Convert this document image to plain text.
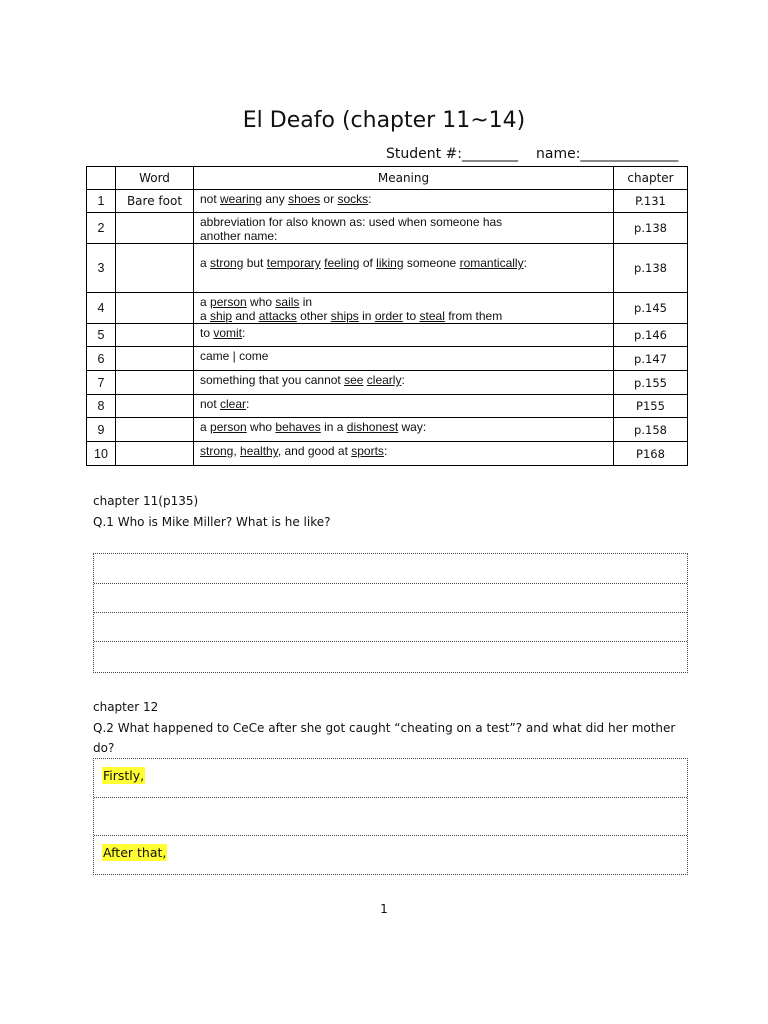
El Deafo (chapter 11~14)
Student #:________ name:______________
	Word	Meaning	chapter
1	Bare foot	not wearing any shoes or socks:	P.131
2		abbreviation for also known as: used when someone has
another name:	p.138
3		a strong but temporary feeling of liking someone romantically:	p.138
4		a person who sails in
a ship and attacks other ships in order to steal from them	p.145
5		to vomit:	p.146
6		came | come	p.147
7		something that you cannot see clearly:	p.155
8		not clear:	P155
9		a person who behaves in a dishonest way:	p.158
10		strong, healthy, and good at sports:	P168
chapter 11(p135)
Q.1 Who is Mike Miller? What is he like?
chapter 12
Q.2 What happened to CeCe after she got caught “cheating on a test”? and what did her mother do?
Firstly,
After that,
1
